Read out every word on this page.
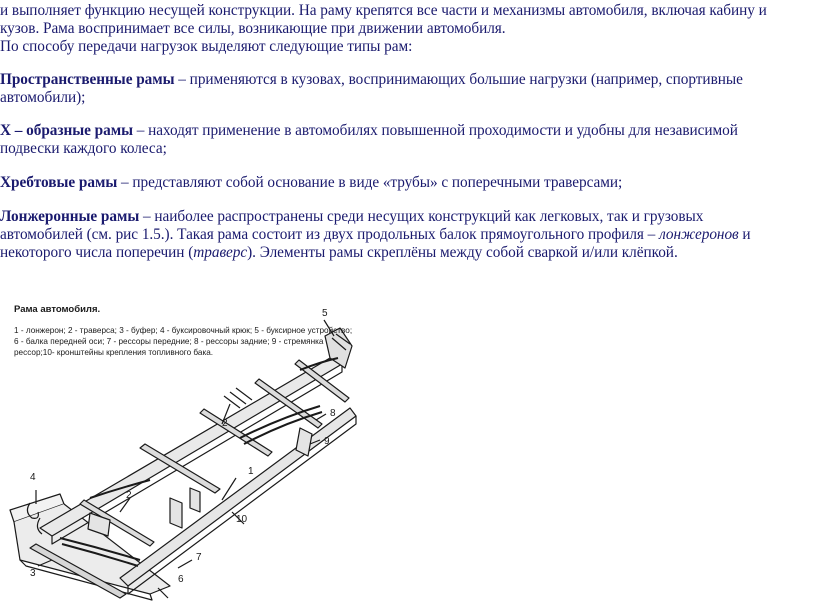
и выполняет функцию несущей конструкции. На раму крепятся все части и механизмы автомобиля, включая кабину и
кузов. Рама воспринимает все силы, возникающие при движении автомобиля.
По способу передачи нагрузок выделяют следующие типы рам:
Пространственные рамы – применяются в кузовах, воспринимающих большие нагрузки (например, спортивные
автомобили);
Х – образные рамы – находят применение в автомобилях повышенной проходимости и удобны для независимой
подвески каждого колеса;
Хребтовые рамы – представляют собой основание в виде «трубы» с поперечными траверсами;
Лонжеронные рамы – наиболее распространены среди несущих конструкций как легковых, так и грузовых
автомобилей (см. рис 1.5.). Такая рама состоит из двух продольных балок прямоугольного профиля – лонжеронов и
некоторого числа поперечин (траверс). Элементы рамы скреплёны между собой сваркой и/или клёпкой.
1
2
2
3
4
5
6
7
8
9
10
Рама автомобиля.
1 - лонжерон; 2 - траверса; 3 - буфер; 4 - буксировочный крюк; 5 - буксирное устройство;
6 - балка передней оси; 7 - рессоры передние; 8 - рессоры задние; 9 - стремянка
рессор;10- кронштейны крепления топливного бака.
